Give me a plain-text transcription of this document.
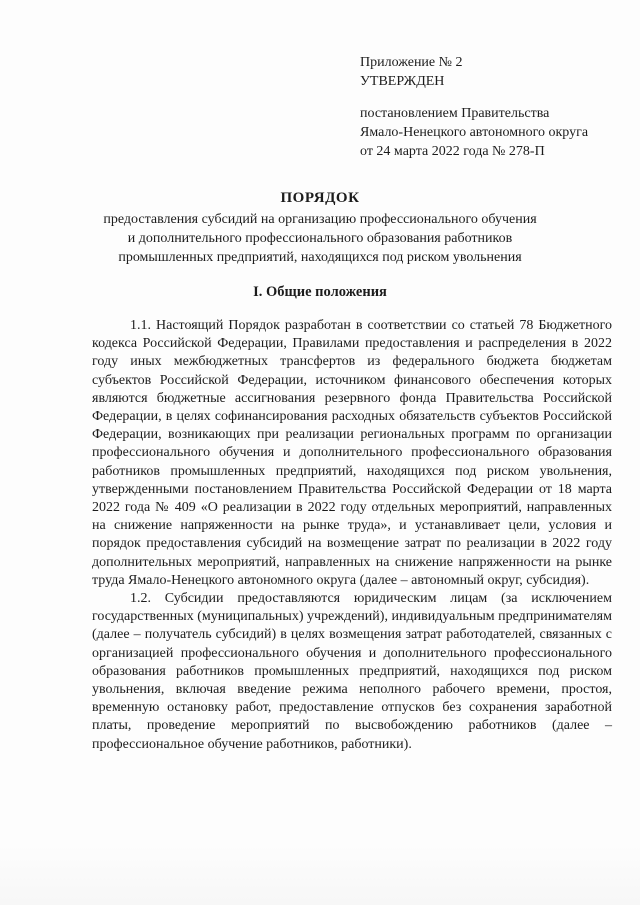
Приложение № 2
УТВЕРЖДЕН
постановлением Правительства
Ямало-Ненецкого автономного округа
от 24 марта 2022 года № 278-П
ПОРЯДОК
предоставления субсидий на организацию профессионального обучения
и дополнительного профессионального образования работников
промышленных предприятий, находящихся под риском увольнения
I. Общие положения

1.1. Настоящий Порядок разработан в соответствии со статьей 78 Бюджетного кодекса Российской Федерации, Правилами предоставления и распределения в 2022 году иных межбюджетных трансфертов из федерального бюджета бюджетам субъектов Российской Федерации, источником финансового обеспечения которых являются бюджетные ассигнования резервного фонда Правительства Российской Федерации, в целях софинансирования расходных обязательств субъектов Российской Федерации, возникающих при реализации региональных программ по организации профессионального обучения и дополнительного профессионального образования работников промышленных предприятий, находящихся под риском увольнения, утвержденными постановлением Правительства Российской Федерации от 18 марта 2022 года № 409 «О реализации в 2022 году отдельных мероприятий, направленных на снижение напряженности на рынке труда», и устанавливает цели, условия и порядок предоставления субсидий на возмещение затрат по реализации в 2022 году дополнительных мероприятий, направленных на снижение напряженности на рынке труда Ямало-Ненецкого автономного округа (далее – автономный округ, субсидия).

1.2. Субсидии предоставляются юридическим лицам (за исключением государственных (муниципальных) учреждений), индивидуальным предпринимателям (далее – получатель субсидий) в целях возмещения затрат работодателей, связанных с организацией профессионального обучения и дополнительного профессионального образования работников промышленных предприятий, находящихся под риском увольнения, включая введение режима неполного рабочего времени, простоя, временную остановку работ, предоставление отпусков без сохранения заработной платы, проведение мероприятий по высвобождению работников (далее – профессиональное обучение работников, работники).
